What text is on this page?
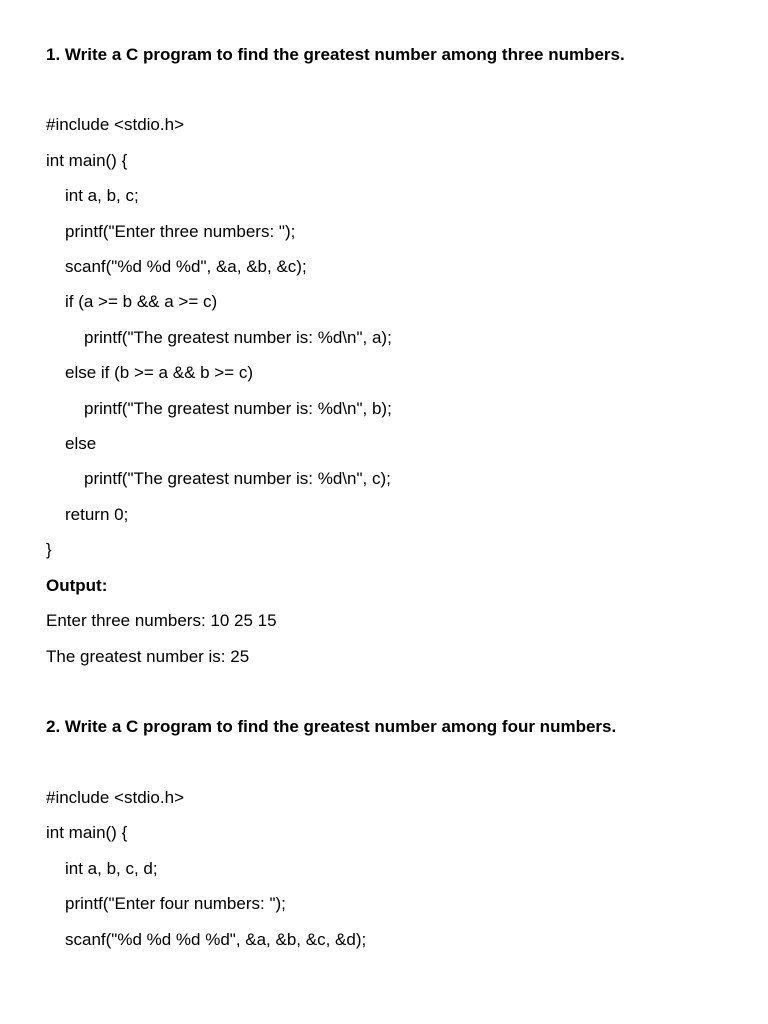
1. Write a C program to find the greatest number among three numbers.
#include <stdio.h>
int main() {
int a, b, c;
printf("Enter three numbers: ");
scanf("%d %d %d", &a, &b, &c);
if (a >= b && a >= c)
printf("The greatest number is: %d\n", a);
else if (b >= a && b >= c)
printf("The greatest number is: %d\n", b);
else
printf("The greatest number is: %d\n", c);
return 0;
}
Output:
Enter three numbers: 10 25 15
The greatest number is: 25
2. Write a C program to find the greatest number among four numbers.
#include <stdio.h>
int main() {
int a, b, c, d;
printf("Enter four numbers: ");
scanf("%d %d %d %d", &a, &b, &c, &d);
